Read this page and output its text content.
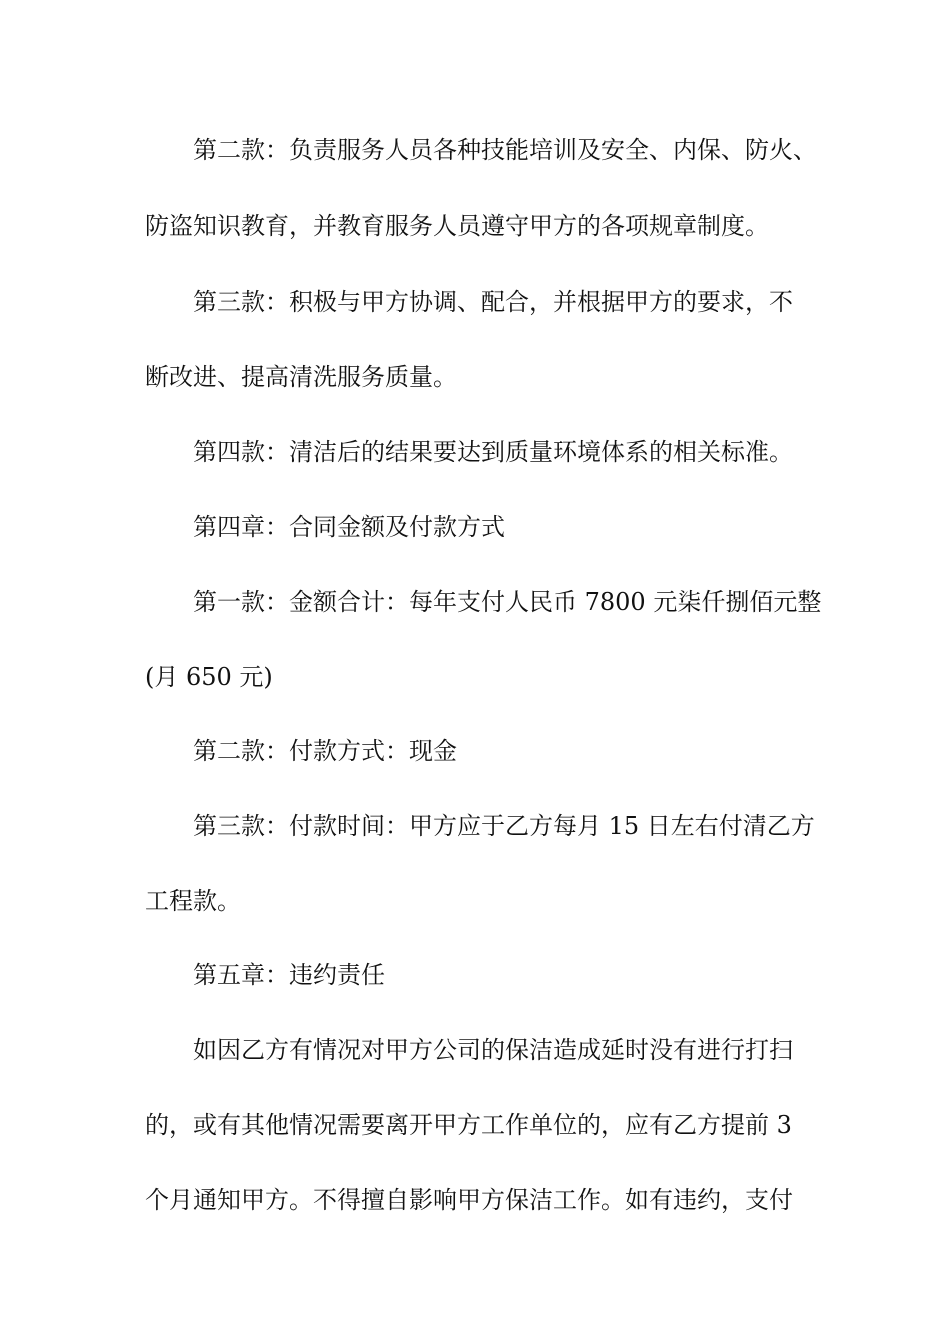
第二款：负责服务人员各种技能培训及安全、内保、防火、
防盗知识教育，并教育服务人员遵守甲方的各项规章制度。
第三款：积极与甲方协调、配合，并根据甲方的要求，不
断改进、提高清洗服务质量。
第四款：清洁后的结果要达到质量环境体系的相关标准。
第四章：合同金额及付款方式
第一款：金额合计：每年支付人民币 7800 元柒仟捌佰元整
(月 650 元)
第二款：付款方式：现金
第三款：付款时间：甲方应于乙方每月 15 日左右付清乙方
工程款。
第五章：违约责任
如因乙方有情况对甲方公司的保洁造成延时没有进行打扫
的，或有其他情况需要离开甲方工作单位的，应有乙方提前 3
个月通知甲方。不得擅自影响甲方保洁工作。如有违约，支付
